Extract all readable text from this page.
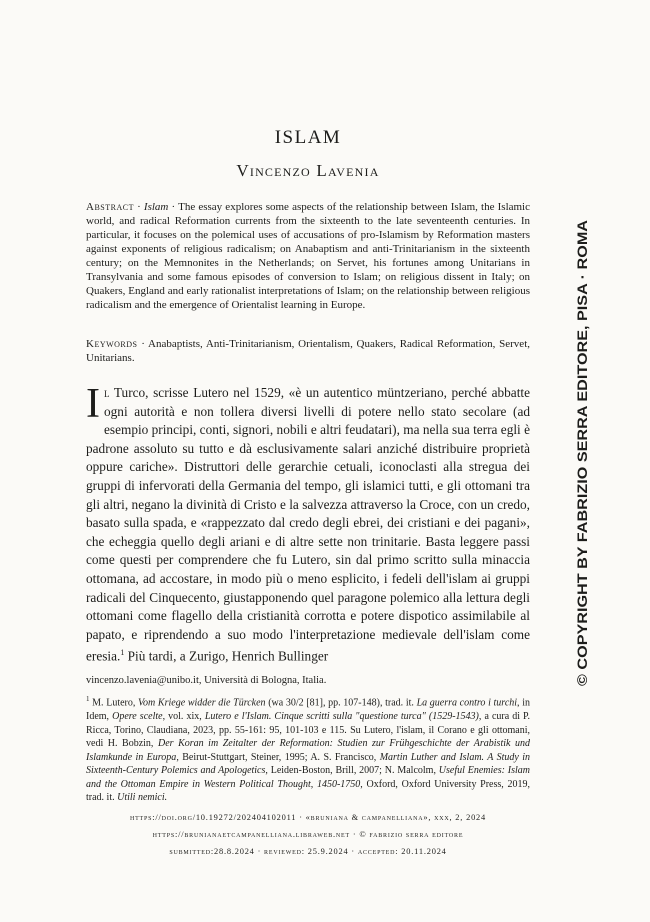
ISLAM
Vincenzo Lavenia
Abstract · Islam · The essay explores some aspects of the relationship between Islam, the Islamic world, and radical Reformation currents from the sixteenth to the late seventeenth centuries. In particular, it focuses on the polemical uses of accusations of pro-Islamism by Reformation masters against exponents of religious radicalism; on Anabaptism and anti-Trinitarianism in the sixteenth century; on the Memnonites in the Netherlands; on Servet, his fortunes among Unitarians in Transylvania and some famous episodes of conversion to Islam; on religious dissent in Italy; on Quakers, England and early rationalist interpretations of Islam; on the relationship between religious radicalism and the emergence of Orientalist learning in Europe.
Keywords · Anabaptists, Anti-Trinitarianism, Orientalism, Quakers, Radical Reformation, Servet, Unitarians.
Il Turco, scrisse Lutero nel 1529, «è un autentico müntzeriano, perché abbatte ogni autorità e non tollera diversi livelli di potere nello stato secolare (ad esempio principi, conti, signori, nobili e altri feudatari), ma nella sua terra egli è padrone assoluto su tutto e dà esclusivamente salari anziché distribuire proprietà oppure cariche». Distruttori delle gerarchie cetuali, iconoclasti alla stregua dei gruppi di infervorati della Germania del tempo, gli islamici tutti, e gli ottomani tra gli altri, negano la divinità di Cristo e la salvezza attraverso la Croce, con un credo, basato sulla spada, e «rappezzato dal credo degli ebrei, dei cristiani e dei pagani», che echeggia quello degli ariani e di altre sette non trinitarie. Basta leggere passi come questi per comprendere che fu Lutero, sin dal primo scritto sulla minaccia ottomana, ad accostare, in modo più o meno esplicito, i fedeli dell'islam ai gruppi radicali del Cinquecento, giustapponendo quel paragone polemico alla lettura degli ottomani come flagello della cristianità corrotta e potere dispotico assimilabile al papato, e riprendendo a suo modo l'interpretazione medievale dell'islam come eresia.$^1$ Più tardi, a Zurigo, Henrich Bullinger
vincenzo.lavenia@unibo.it, Università di Bologna, Italia.
$^1$ M. Lutero, Vom Kriege widder die Türcken (wa 30/2 [81], pp. 107-148), trad. it. La guerra contro i turchi, in Idem, Opere scelte, vol. xix, Lutero e l'Islam. Cinque scritti sulla "questione turca" (1529-1543), a cura di P. Ricca, Torino, Claudiana, 2023, pp. 55-161: 95, 101-103 e 115. Su Lutero, l'islam, il Corano e gli ottomani, vedi H. Bobzin, Der Koran im Zeitalter der Reformation: Studien zur Frühgeschichte der Arabistik und Islamkunde in Europa, Beirut-Stuttgart, Steiner, 1995; A. S. Francisco, Martin Luther and Islam. A Study in Sixteenth-Century Polemics and Apologetics, Leiden-Boston, Brill, 2007; N. Malcolm, Useful Enemies: Islam and the Ottoman Empire in Western Political Thought, 1450-1750, Oxford, Oxford University Press, 2019, trad. it. Utili nemici.
https://doi.org/10.19272/202404102011 · «bruniana & campanelliana», xxx, 2, 2024
https://brunianaetcampanelliana.libraweb.net · © fabrizio serra editore
submitted:28.8.2024 · reviewed: 25.9.2024 · accepted: 20.11.2024
© COPYRIGHT BY FABRIZIO SERRA EDITORE, PISA · ROMA
